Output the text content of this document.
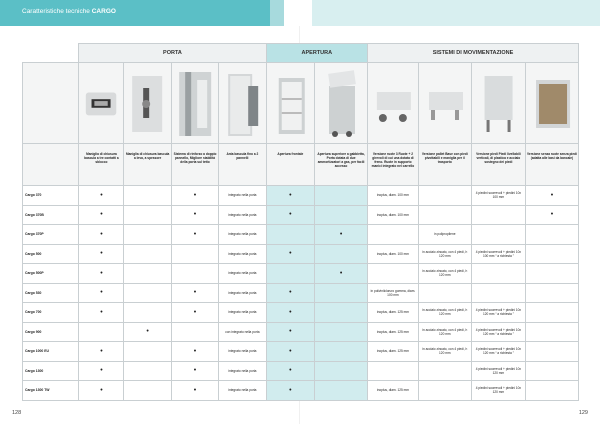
Caratteristiche tecniche CARGO
	PORTA				APERTURA		SISTEMI DI MOVIMENTAZIONE			

	Maniglia di chiusura bascula a tre contatti a sblocco	Maniglia di chiusura bascula a leva, a spessore	Sistema di rinforzo a doppio pannello, Migliore stabilità della porta sul tetto	Anta bascula fino a 2 pannelli	Apertura frontale	Apertura superiore a gabbietta, Porta dotata di due ammortizzatori a gas, per facili accesso	Versione ruote 3 Ruote + 2 girevoli di cui una dotata di freno. Ruote in supporto manici integrato nel carrello	Versione pallet Base con piedi pivottabili e maniglia per il trasporto	Versione piedi Piedi livellabili verticali, di plastica e acciaio sostegno dei piedi	Versione senza ruote senza piedi (adatta alle basi da bancale)
Cargo 370	•		•	integrato nella porta	•		inoplus, diam. 100 mm		4 piedini scorrevoli + piedini 10x 100 mm	•
Cargo 370B	•		•	integrato nella porta	•		inoplus, diam. 100 mm			•
Cargo 370P	•		•	integrato nella porta		•		in polipropilene		
Cargo 500	•			integrato nella porta	•		inoplus, diam. 100 mm	in acciaio zincato, con 4 piedi, h 120 mm	4 piedini scorrevoli + piedini 10x 100 mm “ a richiesta ”	
Cargo 500P	•			integrato nella porta		•		in acciaio zincato, con 4 piedi, h 120 mm		
Cargo 530	•		•	integrato nella porta	•		in polivinilcloruro gomma, diam. 100 mm			
Cargo 700	•		•	integrato nella porta	•		inoplus, diam. 125 mm	in acciaio zincato, con 4 piedi, h 120 mm	4 piedini scorrevoli + piedini 10x 120 mm “ a richiesta ”	
Cargo 900		•		con integrato nella porta	•		inoplus, diam. 125 mm	in acciaio zincato, con 4 piedi, h 120 mm	4 piedini scorrevoli + piedini 10x 120 mm “ a richiesta ”	
Cargo 1000 EU	•		•	integrato nella porta	•		inoplus, diam. 125 mm	in acciaio zincato, con 4 piedi, h 120 mm	4 piedini scorrevoli + piedini 10x 120 mm “ a richiesta ”	
Cargo 1300	•		•	integrato nella porta	•				4 piedini scorrevoli + piedini 10x 120 mm	
Cargo 1300 TW	•		•	integrato nella porta	•		inoplus, diam. 125 mm		4 piedini scorrevoli + piedini 10x 120 mm	
128	129
